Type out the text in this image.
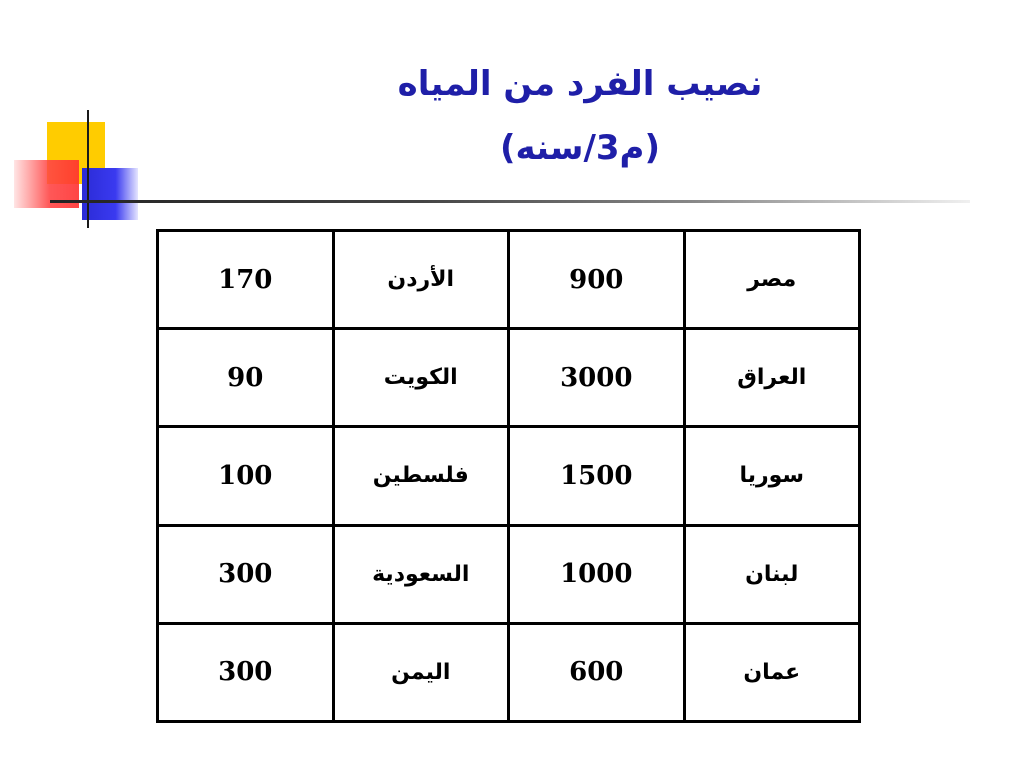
نصيب الفرد من المياه
(م3/سنه)
170	الأردن	900	مصر
90	الكويت	3000	العراق
100	فلسطين	1500	سوريا
300	السعودية	1000	لبنان
300	اليمن	600	عمان
